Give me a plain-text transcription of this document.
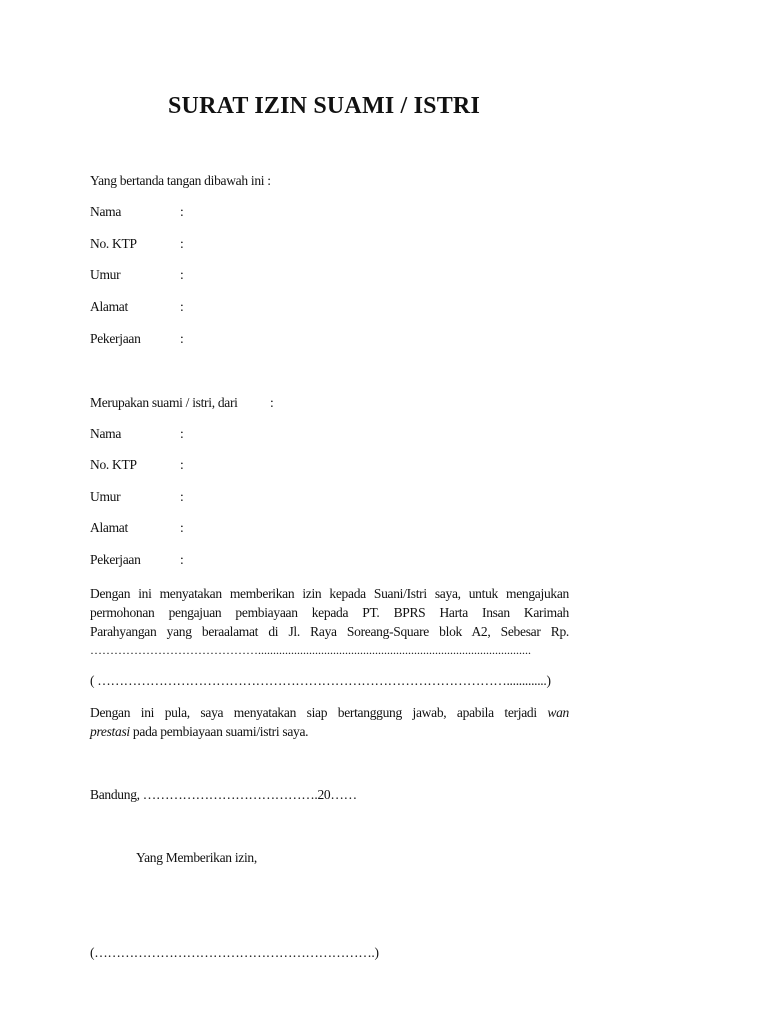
SURAT IZIN SUAMI / ISTRI
Yang bertanda tangan dibawah ini :
Nama	:
No. KTP	:
Umur	:
Alamat	:
Pekerjaan	:
Merupakan suami / istri, dari :
Nama	:
No. KTP	:
Umur	:
Alamat	:
Pekerjaan	:
Dengan ini menyatakan memberikan izin kepada Suani/Istri saya, untuk mengajukan
permohonan pengajuan pembiayaan kepada PT. BPRS Harta Insan Karimah
Parahyangan yang beraalamat di Jl. Raya Soreang-Square blok A2, Sebesar Rp.
……………………………………...........................................................................................
( ………………………………………………………………………………….............)
Dengan ini pula, saya menyatakan siap bertanggung jawab, apabila terjadi wan
prestasi pada pembiayaan suami/istri saya.
Bandung, ………………………………….20……
Yang Memberikan izin,
(……………………………………………………….)
